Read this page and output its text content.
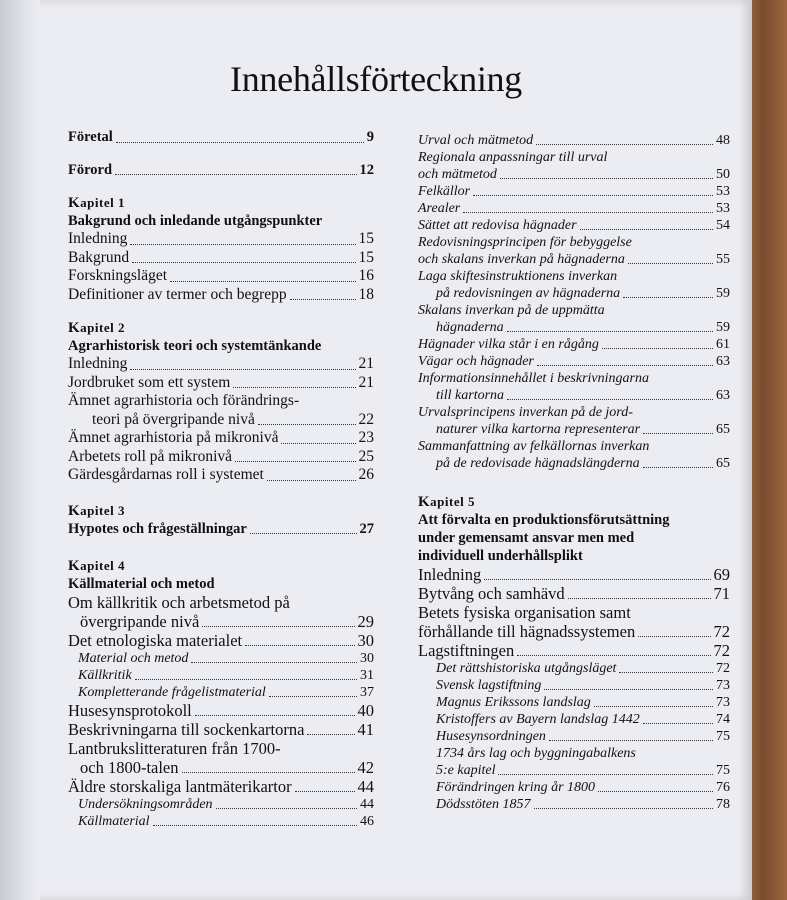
Innehållsförteckning
Företal	9
Förord	12
Kapitel 1
Bakgrund och inledande utgångspunkter
Inledning	15
Bakgrund	15
Forskningsläget	16
Definitioner av termer och begrepp	18
Kapitel 2
Agrarhistorisk teori och systemtänkande
Inledning	21
Jordbruket som ett system	21
Ämnet agrarhistoria och förändrings-
teori på övergripande nivå	22
Ämnet agrarhistoria på mikronivå	23
Arbetets roll på mikronivå	25
Gärdesgårdarnas roll i systemet	26
Kapitel 3
Hypotes och frågeställningar	27
Kapitel 4
Källmaterial och metod
Om källkritik och arbetsmetod på
övergripande nivå	29
Det etnologiska materialet	30
Material och metod	30
Källkritik	31
Kompletterande frågelistmaterial	37
Husesynsprotokoll	40
Beskrivningarna till sockenkartorna	41
Lantbrukslitteraturen från 1700-
och 1800-talen	42
Äldre storskaliga lantmäterikartor	44
Undersökningsområden	44
Källmaterial	46
Urval och mätmetod	48
Regionala anpassningar till urval
och mätmetod	50
Felkällor	53
Arealer	53
Sättet att redovisa hägnader	54
Redovisningsprincipen för bebyggelse
och skalans inverkan på hägnaderna	55
Laga skiftesinstruktionens inverkan
på redovisningen av hägnaderna	59
Skalans inverkan på de uppmätta
hägnaderna	59
Hägnader vilka står i en rågång	61
Vägar och hägnader	63
Informationsinnehållet i beskrivningarna
till kartorna	63
Urvalsprincipens inverkan på de jord-
naturer vilka kartorna representerar	65
Sammanfattning av felkällornas inverkan
på de redovisade hägnadslängderna	65
Kapitel 5
Att förvalta en produktionsförutsättning
under gemensamt ansvar men med
individuell underhållsplikt
Inledning	69
Bytvång och samhävd	71
Betets fysiska organisation samt
förhållande till hägnadssystemen	72
Lagstiftningen	72
Det rättshistoriska utgångsläget	72
Svensk lagstiftning	73
Magnus Erikssons landslag	73
Kristoffers av Bayern landslag 1442	74
Husesynsordningen	75
1734 års lag och byggningabalkens
5:e kapitel	75
Förändringen kring år 1800	76
Dödsstöten 1857	78
